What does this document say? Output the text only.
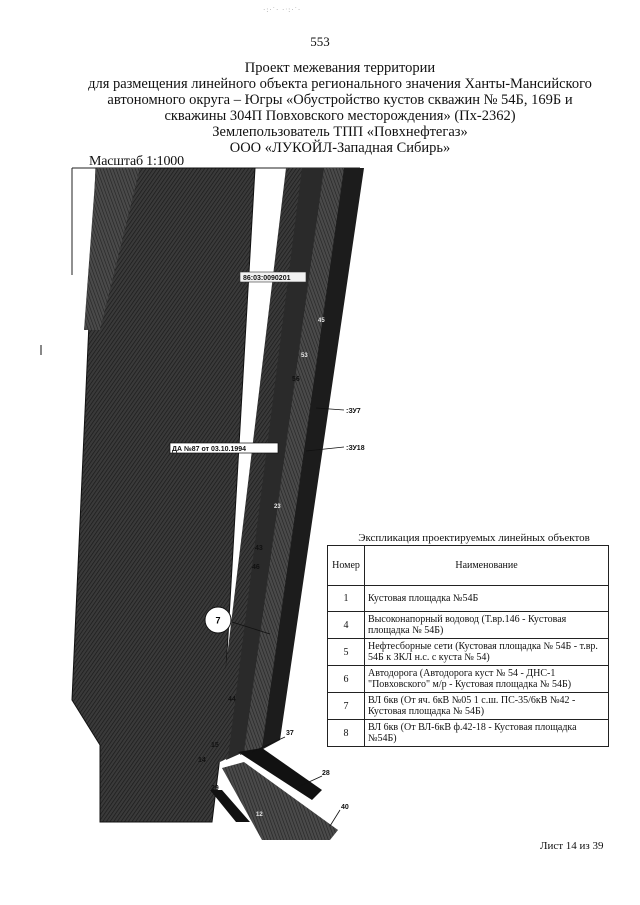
·:·˙· ·ˑ:·˙·
553
Проект межевания территории
для размещения линейного объекта регионального значения Ханты-Мансийского
автономного округа – Югры «Обустройство кустов скважин № 54Б, 169Б и
скважины 304П Повховского месторождения» (Пх-2362)
Землепользователь ТПП «Повхнефтегаз»
ООО «ЛУКОЙЛ-Западная Сибирь»
86:03:0090201
ДА №87 от 03.10.1994
:ЗУ7
:ЗУ18
7
45
53
56
23
43
46
44
15
14
29
30
12
37
28
40
Масштаб 1:1000
Экспликация проектируемых линейных объектов
Номер	Наименование
1	Кустовая площадка №54Б
4	Высоконапорный водовод (Т.вр.146 - Кустовая площадка № 54Б)
5	Нефтесборные сети (Кустовая площадка № 54Б - т.вр. 54Б к ЗКЛ н.с. с куста № 54)
6	Автодорога (Автодорога куст № 54 - ДНС-1 "Повховского" м/р - Кустовая площадка № 54Б)
7	ВЛ 6кв (От яч. 6кВ №05 1 с.ш. ПС-35/6кВ №42 - Кустовая площадка № 54Б)
8	ВЛ 6кв (От ВЛ-6кВ ф.42-18 - Кустовая площадка №54Б)
Лист 14 из 39
